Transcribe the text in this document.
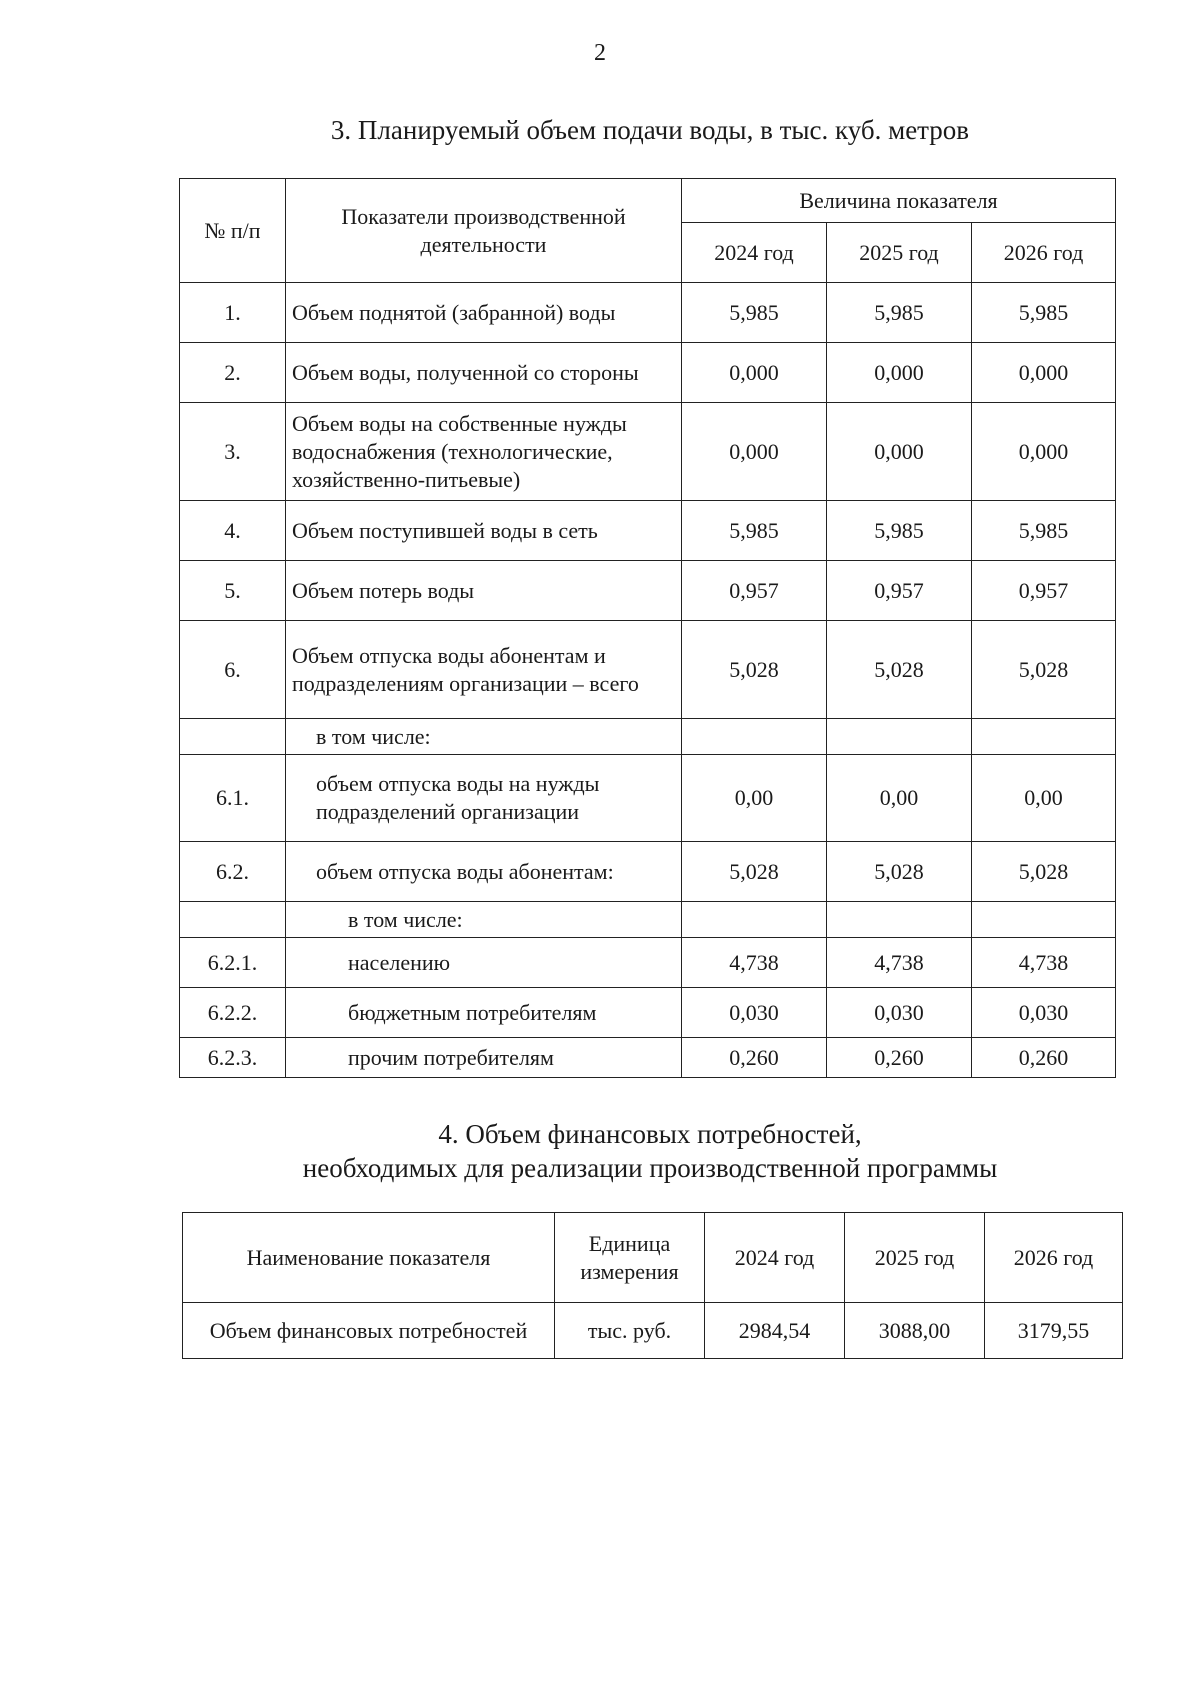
2
3. Планируемый объем подачи воды, в тыс. куб. метров
№ п/п	Показатели производственной деятельности	Величина показателя		
		2024 год	2025 год	2026 год
1.	Объем поднятой (забранной) воды	5,985	5,985	5,985
2.	Объем воды, полученной со стороны	0,000	0,000	0,000
3.	Объем воды на собственные нужды водоснабжения (технологические, хозяйственно-питьевые)	0,000	0,000	0,000
4.	Объем поступившей воды в сеть	5,985	5,985	5,985
5.	Объем потерь воды	0,957	0,957	0,957
6.	Объем отпуска воды абонентам и подразделениям организации – всего	5,028	5,028	5,028
	в том числе:			
6.1.	объем отпуска воды на нужды подразделений организации	0,00	0,00	0,00
6.2.	объем отпуска воды абонентам:	5,028	5,028	5,028
	в том числе:			
6.2.1.	населению	4,738	4,738	4,738
6.2.2.	бюджетным потребителям	0,030	0,030	0,030
6.2.3.	прочим потребителям	0,260	0,260	0,260
4. Объем финансовых потребностей,
необходимых для реализации производственной программы
Наименование показателя	Единица измерения	2024 год	2025 год	2026 год
Объем финансовых потребностей	тыс. руб.	2984,54	3088,00	3179,55
